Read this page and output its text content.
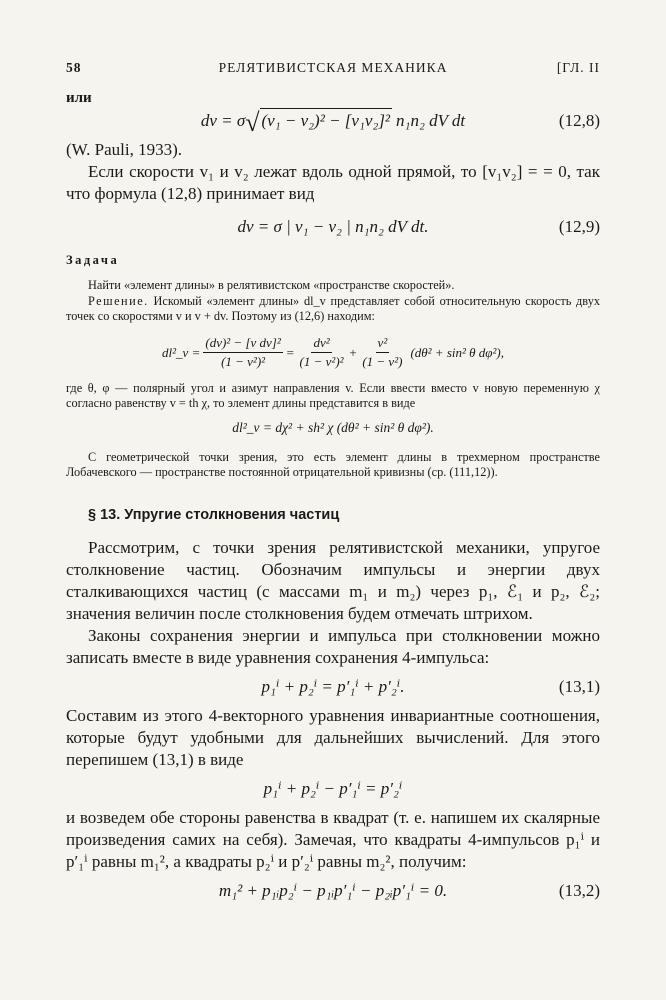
58	РЕЛЯТИВИСТСКАЯ МЕХАНИКА	[ГЛ. II
или
dν = σ √ (v₁ − v₂)² − [v₁v₂]² n₁n₂ dV dt	(12,8)
(W. Pauli, 1933).
Если скорости v₁ и v₂ лежат вдоль одной прямой, то [v₁v₂] = = 0, так что формула (12,8) принимает вид
dν = σ | v₁ − v₂ | n₁n₂ dV dt.	(12,9)
Задача
Найти «элемент длины» в релятивистском «пространстве скоростей».
Решение. Искомый «элемент длины» dl_v представляет собой относительную скорость двух точек со скоростями v и v + dv. Поэтому из (12,6) находим:
dl²_v = $\frac{\text{(dv)² − [v dv]²}}{\text{(1 − v²)²}} = \frac{\text{dv²}}{\text{(1 − v²)²}} + \frac{\text{v²}}{\text{(1 − v²)}} (d\theta^2 + \sin^2$ θ dφ²),
где θ, φ — полярный угол и азимут направления v. Если ввести вместо v новую переменную χ согласно равенству v = th χ, то элемент длины представится в виде
dl²_v = dχ² + sh² χ (dθ² + sin² θ dφ²).
С геометрической точки зрения, это есть элемент длины в трехмерном пространстве Лобачевского — пространстве постоянной отрицательной кривизны (ср. (111,12)).
§ 13. Упругие столкновения частиц
Рассмотрим, с точки зрения релятивистской механики, упругое столкновение частиц. Обозначим импульсы и энергии двух сталкивающихся частиц (с массами m₁ и m₂) через p₁, ℰ₁ и p₂, ℰ₂; значения величин после столкновения будем отмечать штрихом.
Законы сохранения энергии и импульса при столкновении можно записать вместе в виде уравнения сохранения 4-импульса:
p₁ⁱ + p₂ⁱ = p′₁ⁱ + p′₂ⁱ.	(13,1)
Составим из этого 4-векторного уравнения инвариантные соотношения, которые будут удобными для дальнейших вычислений. Для этого перепишем (13,1) в виде
p₁ⁱ + p₂ⁱ − p′₁ⁱ = p′₂ⁱ
и возведем обе стороны равенства в квадрат (т. е. напишем их скалярные произведения самих на себя). Замечая, что квадраты 4-импульсов p₁ⁱ и p′₁ⁱ равны m₁², а квадраты p₂ⁱ и p′₂ⁱ равны m₂², получим:
m₁² + p₁ᵢp₂ⁱ − p₁ᵢp′₁ⁱ − p₂ᵢp′₁ⁱ = 0.	(13,2)
